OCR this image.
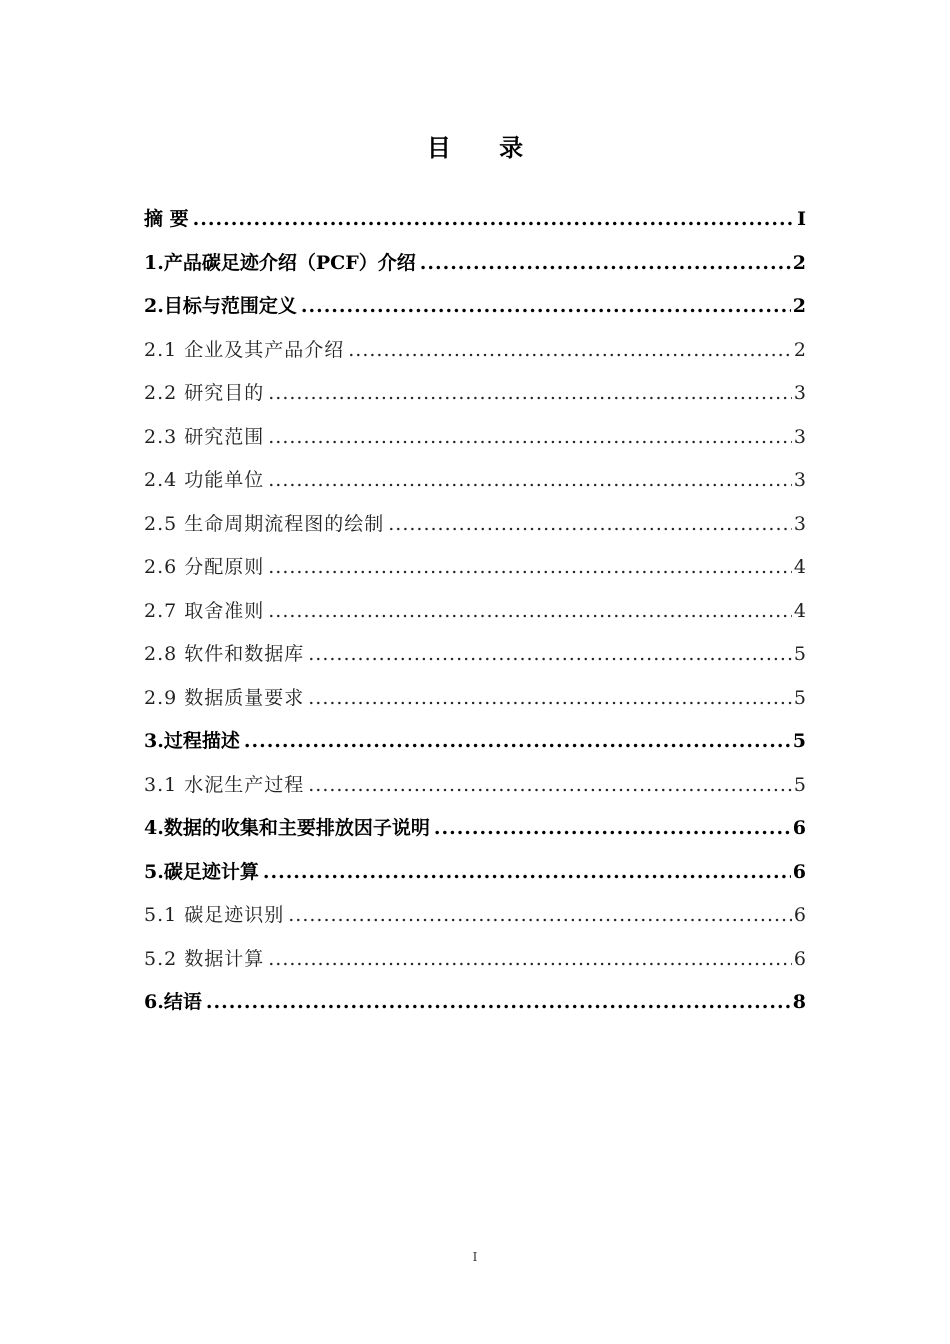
目 录
摘 要 .....	I
1.产品碳足迹介绍（PCF）介绍 .....	2
2.目标与范围定义 .....	2
2.1 企业及其产品介绍 .....	2
2.2 研究目的 .....	3
2.3 研究范围 .....	3
2.4 功能单位 .....	3
2.5 生命周期流程图的绘制 .....	3
2.6 分配原则 .....	4
2.7 取舍准则 .....	4
2.8 软件和数据库 .....	5
2.9 数据质量要求 .....	5
3.过程描述 .....	5
3.1 水泥生产过程 .....	5
4.数据的收集和主要排放因子说明 .....	6
5.碳足迹计算 .....	6
5.1 碳足迹识别 .....	6
5.2 数据计算 .....	6
6.结语 .....	8
I
